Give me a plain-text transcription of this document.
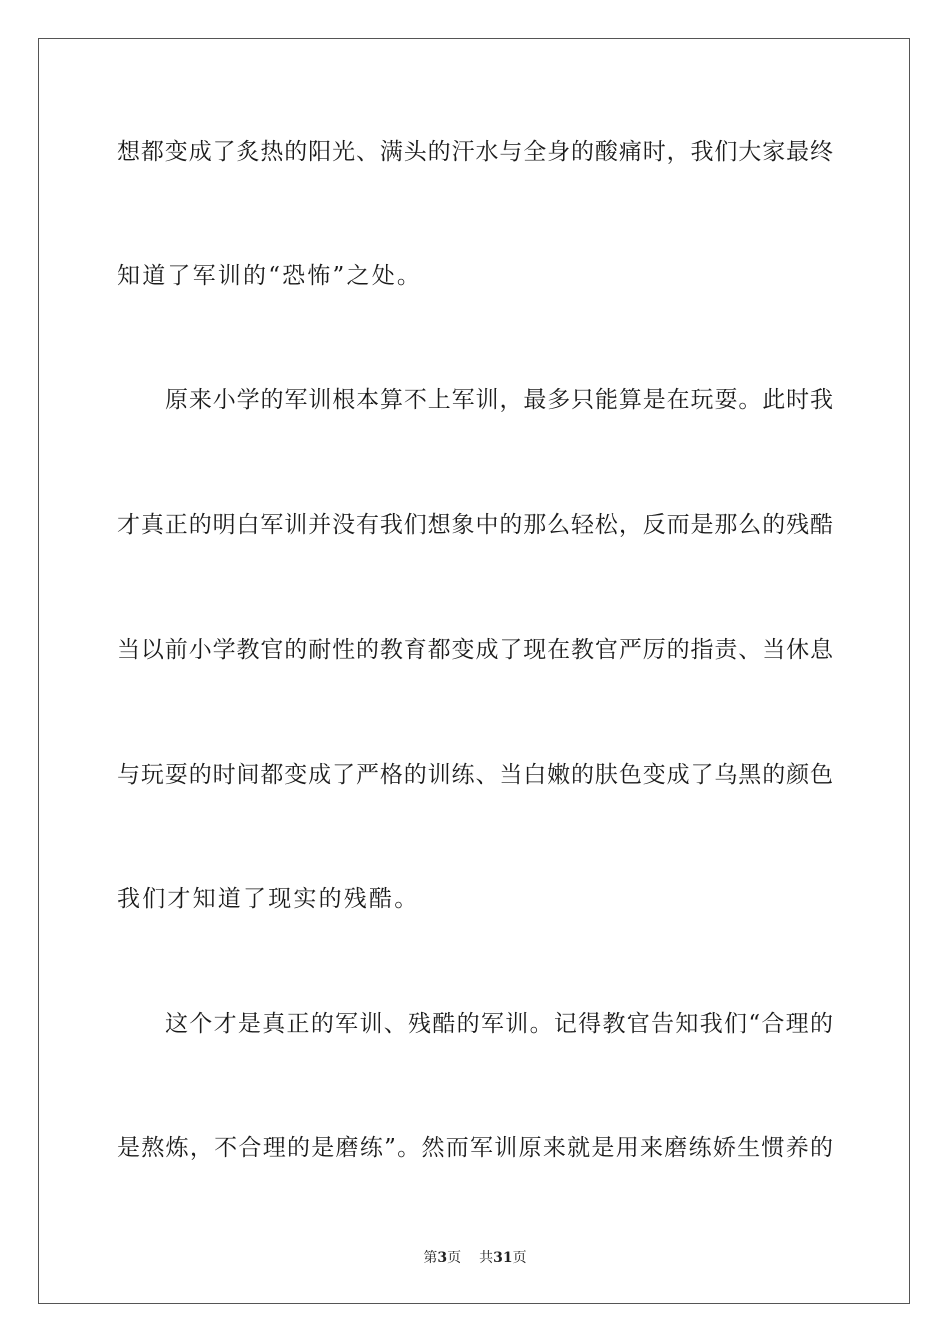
想都变成了炙热的阳光、满头的汗水与全身的酸痛时，我们大家最终
知道了军训的“恐怖”之处。
原来小学的军训根本算不上军训，最多只能算是在玩耍。此时我
才真正的明白军训并没有我们想象中的那么轻松，反而是那么的残酷
当以前小学教官的耐性的教育都变成了现在教官严厉的指责、当休息
与玩耍的时间都变成了严格的训练、当白嫩的肤色变成了乌黑的颜色
我们才知道了现实的残酷。
这个才是真正的军训、残酷的军训。记得教官告知我们“合理的
是熬炼，不合理的是磨练”。然而军训原来就是用来磨练娇生惯养的
第3页 共31页
